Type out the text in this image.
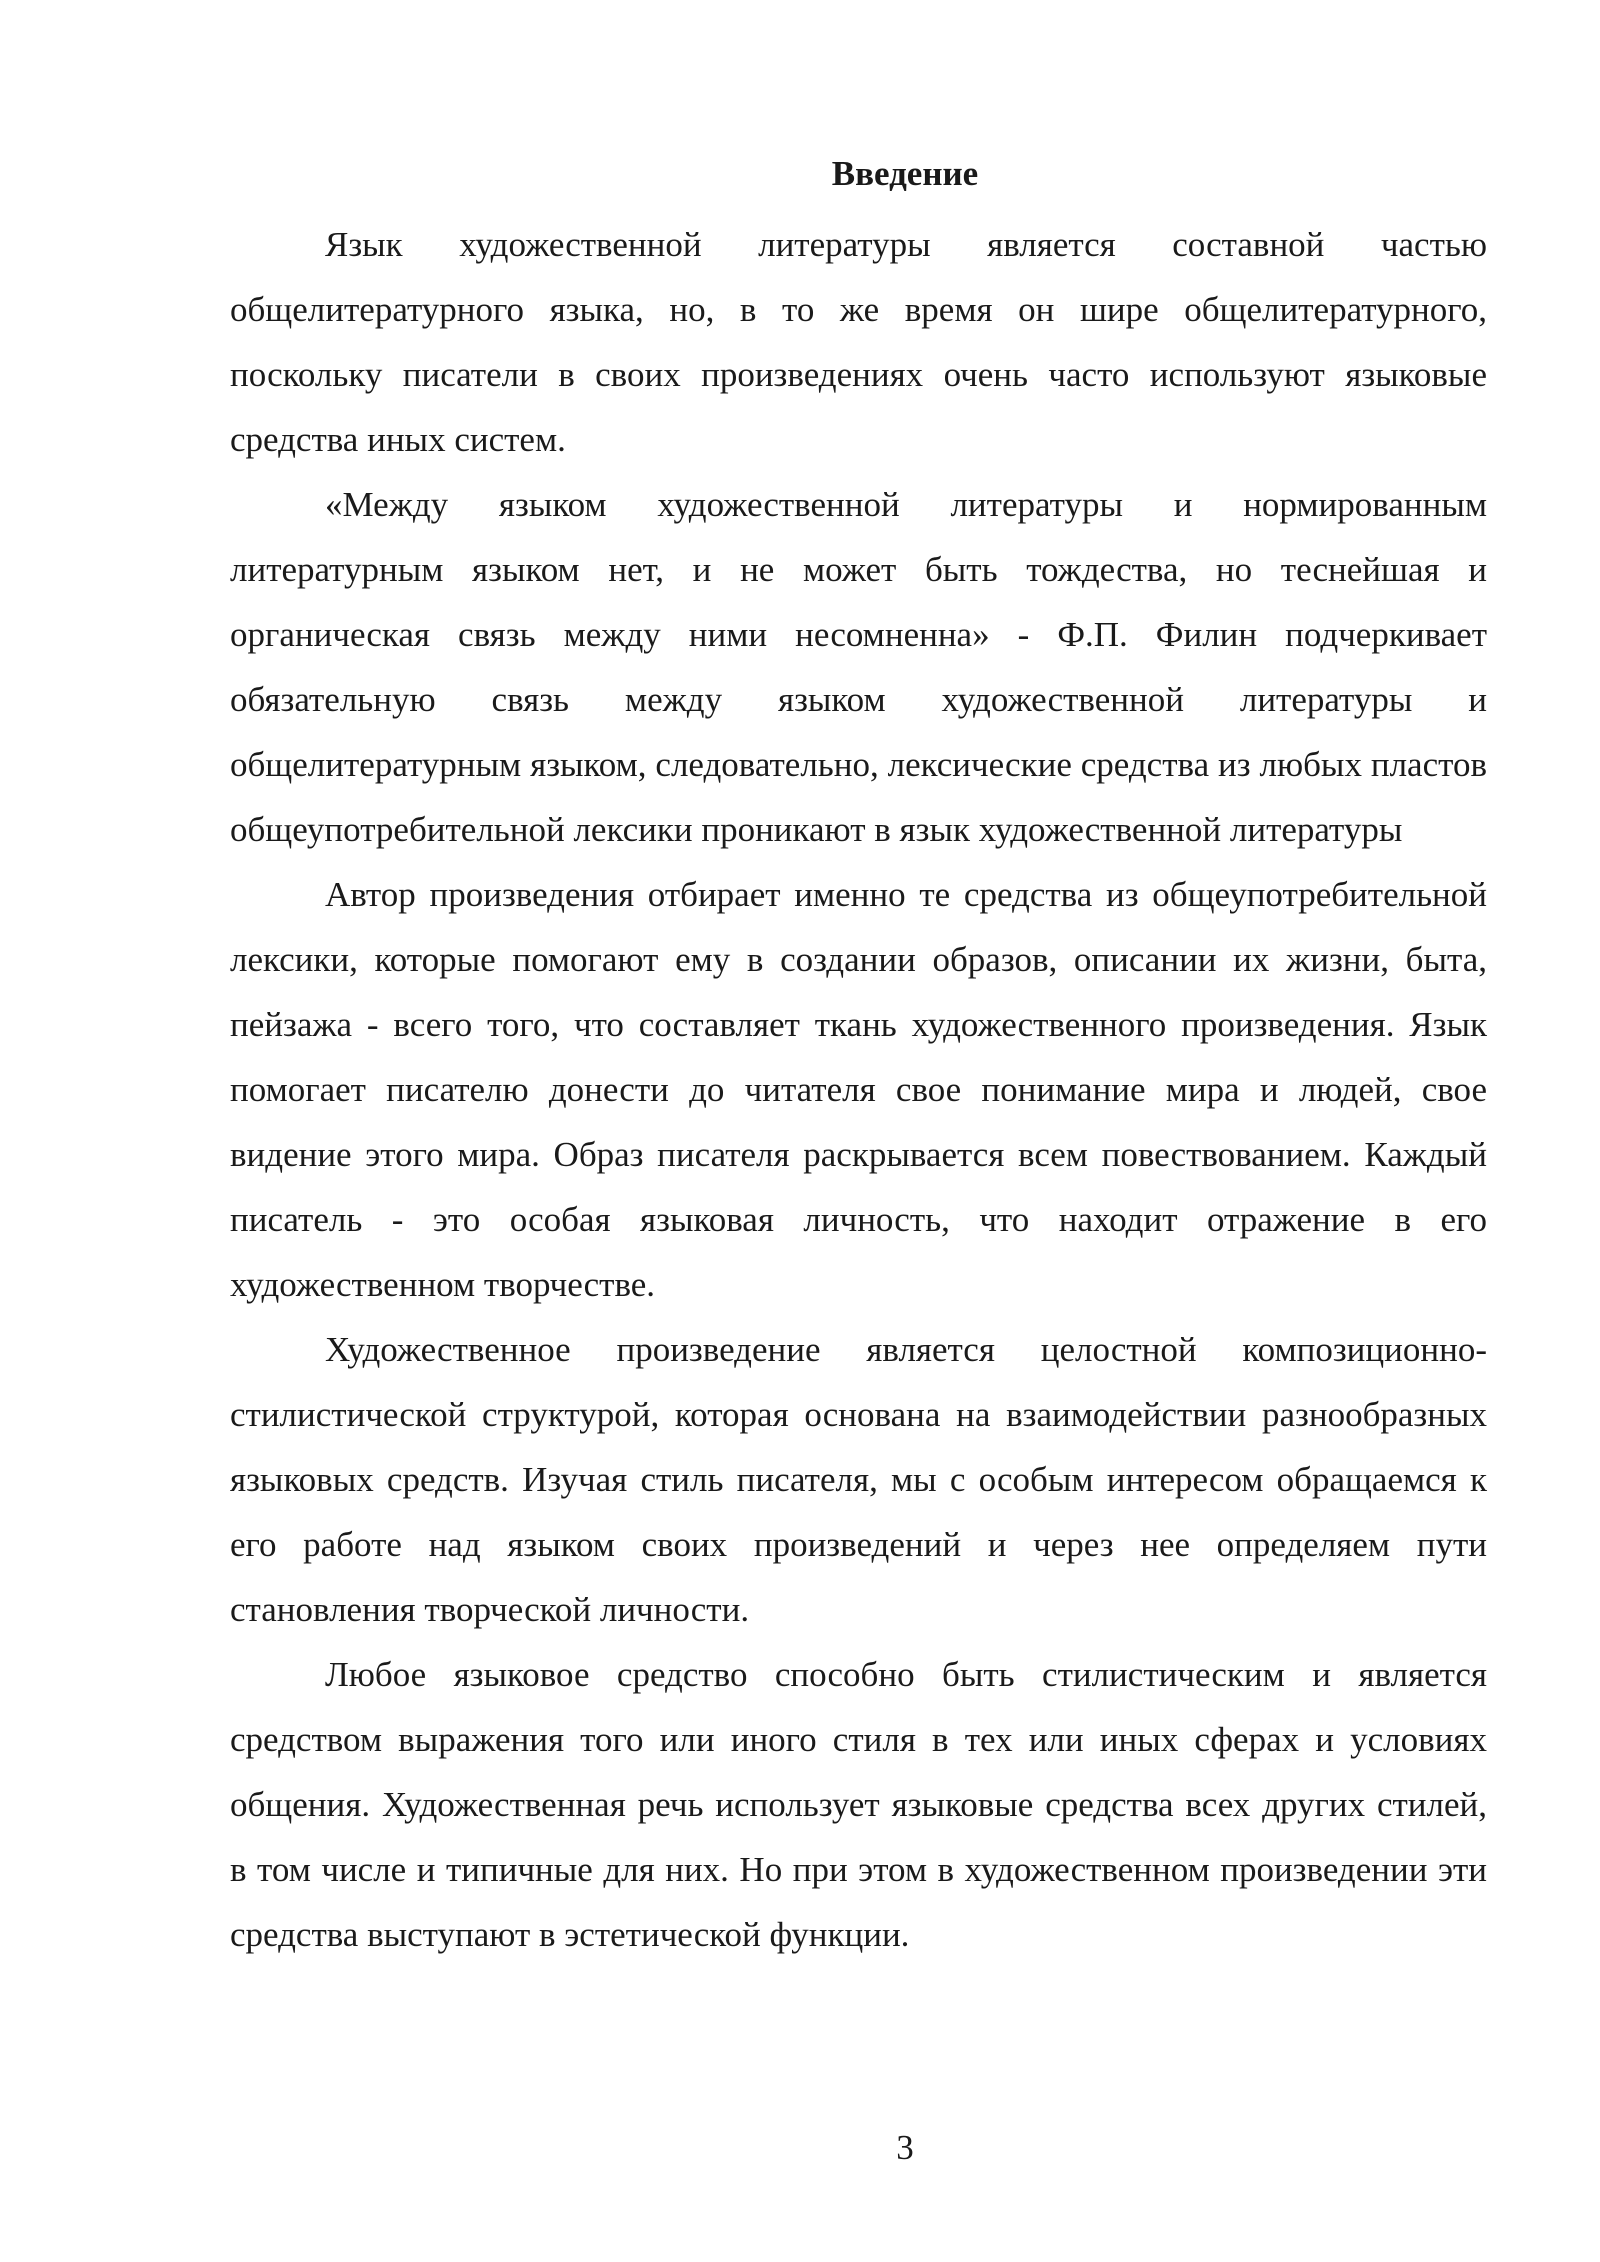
Введение

Язык художественной литературы является составной частью общелитературного языка, но, в то же время он шире общелитературного, поскольку писатели в своих произведениях очень часто используют языковые средства иных систем.

«Между языком художественной литературы и нормированным литературным языком нет, и не может быть тождества, но теснейшая и органическая связь между ними несомненна» - Ф.П. Филин подчеркивает обязательную связь между языком художественной литературы и общелитературным языком, следовательно, лексические средства из любых пластов общеупотребительной лексики проникают в язык художественной литературы

Автор произведения отбирает именно те средства из общеупотребительной лексики, которые помогают ему в создании образов, описании их жизни, быта, пейзажа - всего того, что составляет ткань художественного произведения. Язык помогает писателю донести до читателя свое понимание мира и людей, свое видение этого мира. Образ писателя раскрывается всем повествованием. Каждый писатель - это особая языковая личность, что находит отражение в его художественном творчестве.

Художественное произведение является целостной композиционно-стилистической структурой, которая основана на взаимодействии разнообразных языковых средств. Изучая стиль писателя, мы с особым интересом обращаемся к его работе над языком своих произведений и через нее определяем пути становления творческой личности.

Любое языковое средство способно быть стилистическим и является средством выражения того или иного стиля в тех или иных сферах и условиях общения. Художественная речь использует языковые средства всех других стилей, в том числе и типичные для них. Но при этом в художественном произведении эти средства выступают в эстетической функции.

3
